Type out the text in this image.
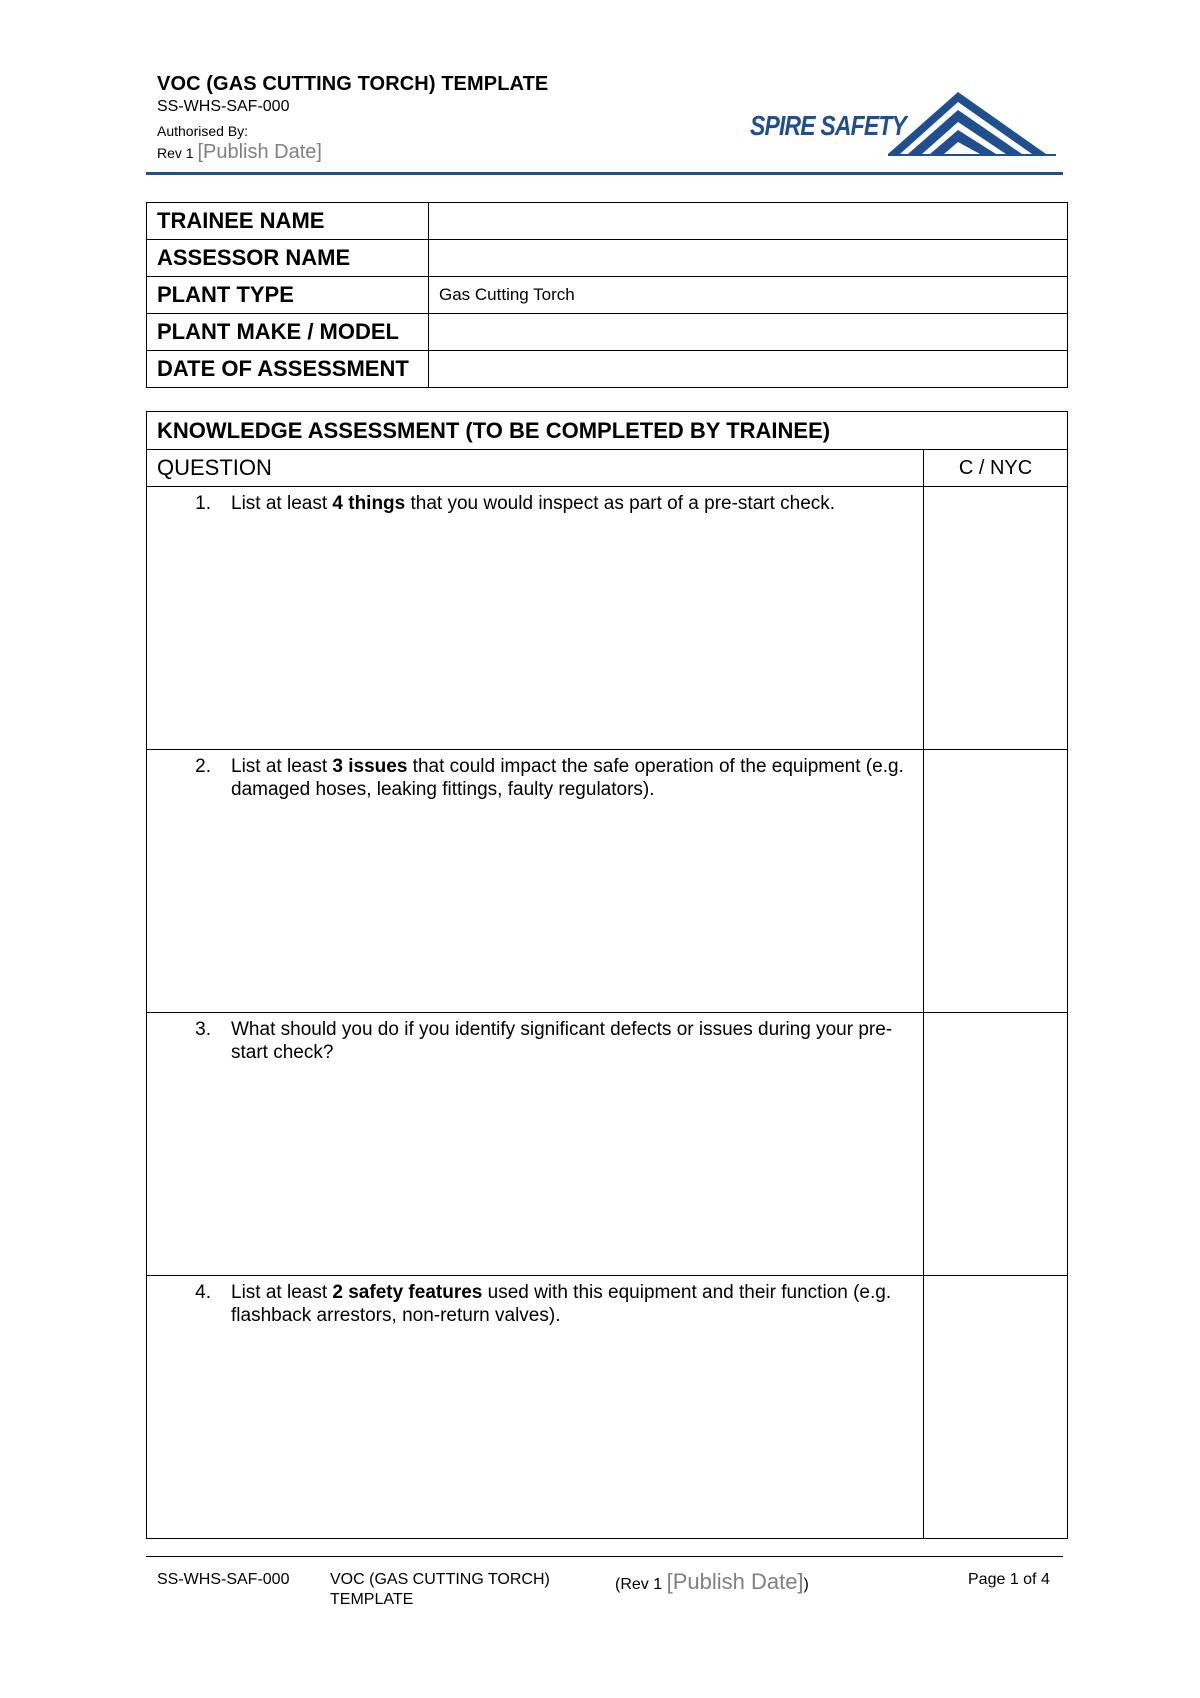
VOC (GAS CUTTING TORCH) TEMPLATE
SS-WHS-SAF-000
Authorised By:
Rev 1 [Publish Date]
SPIRE SAFETY
TRAINEE NAME	
ASSESSOR NAME	
PLANT TYPE	Gas Cutting Torch
PLANT MAKE / MODEL	
DATE OF ASSESSMENT	
KNOWLEDGE ASSESSMENT (TO BE COMPLETED BY TRAINEE)	
QUESTION	C / NYC

1. List at least 4 things that you would inspect as part of a pre-start check.	

2. List at least 3 issues that could impact the safe operation of the equipment (e.g. damaged hoses, leaking fittings, faulty regulators).	

3. What should you do if you identify significant defects or issues during your pre-start check?	

4. List at least 2 safety features used with this equipment and their function (e.g. flashback arrestors, non-return valves).	

SS-WHS-SAF-000	VOC (GAS CUTTING TORCH) TEMPLATE
(Rev 1 [Publish Date])	Page 1 of 4
